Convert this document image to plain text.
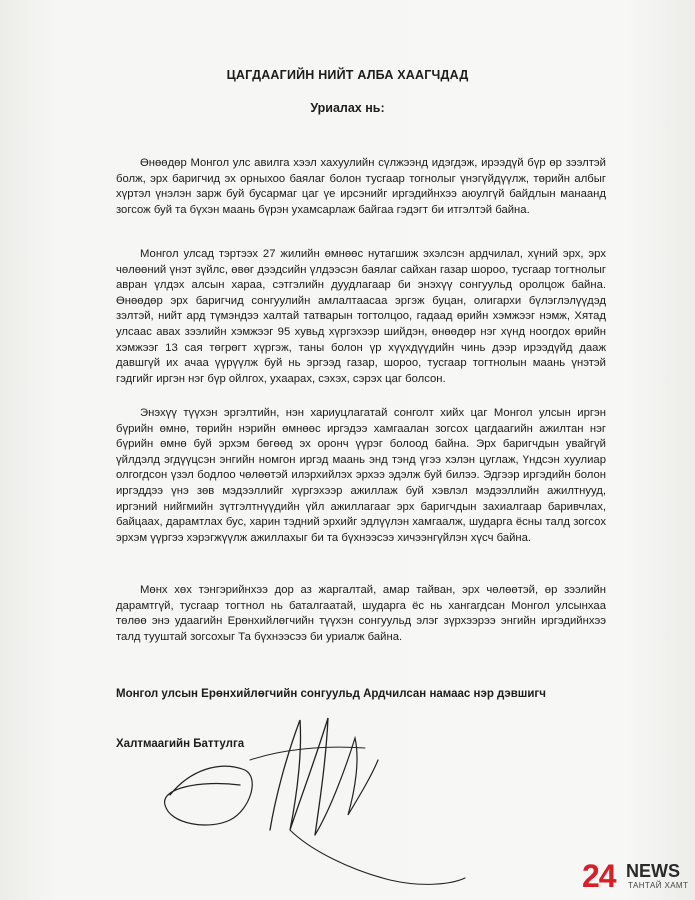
ЦАГДААГИЙН НИЙТ АЛБА ХААГЧДАД
Уриалах нь:

Өнөөдөр Монгол улс авилга хээл хахуулийн сүлжээнд идэгдэж, ирээдүй бүр өр зээлтэй болж, эрх баригчид эх орныхоо баялаг болон тусгаар тогнолыг үнэгүйдүүлж, төрийн албыг хүртэл үнэлэн зарж буй бусармаг цаг үе ирсэнийг иргэдийнхээ аюулгүй байдлын манаанд зогсож буй та бүхэн маань бүрэн ухамсарлаж байгаа гэдэгт би итгэлтэй байна.

Монгол улсад тэртээх 27 жилийн өмнөөс нутагшиж эхэлсэн ардчилал, хүний эрх, эрх чөлөөний үнэт зүйлс, өвөг дээдсийн үлдээсэн баялаг сайхан газар шороо, тусгаар тогтнолыг авран үлдэх алсын хараа, сэтгэлийн дуудлагаар би энэхүү сонгуульд оролцож байна. Өнөөдөр эрх баригчид сонгуулийн амлалтаасаа эргэж буцан, олигархи бүлэглэлүүдэд зэлтэй, нийт ард түмэндээ халтай татварын тогтолцоо, гадаад өрийн хэмжээг нэмж, Хятад улсаас авах зээлийн хэмжээг 95 хувьд хүргэхээр шийдэн, өнөөдөр нэг хүнд ноогдох өрийн хэмжээг 13 сая төгрөгт хүргэж, таны болон үр хүүхдүүдийн чинь дээр ирээдүйд дааж давшгүй их ачаа үүрүүлж буй нь эргээд газар, шороо, тусгаар тогтнолын маань үнэтэй гэдгийг иргэн нэг бүр ойлгох, ухаарах, сэхэх, сэрэх цаг болсон.

Энэхүү түүхэн эргэлтийн, нэн хариуцлагатай сонголт хийх цаг Монгол улсын иргэн бүрийн өмнө, төрийн нэрийн өмнөөс иргэдээ хамгаалан зогсох цагдаагийн ажилтан нэг бүрийн өмнө буй эрхэм бөгөөд эх оронч үүрэг болоод байна. Эрх баригчдын увайгүй үйлдэлд эгдүүцсэн энгийн номгон иргэд маань энд тэнд үгээ хэлэн цуглаж, Үндсэн хуулиар олгогдсон үзэл бодлоо чөлөөтэй илэрхийлэх эрхээ эдэлж буй билээ. Эдгээр иргэдийн болон иргэддээ үнэ зөв мэдээллийг хүргэхээр ажиллаж буй хэвлэл мэдээллийн ажилтнууд, иргэний нийгмийн зүтгэлтнүүдийн үйл ажиллагааг эрх баригчдын захиалгаар баривчлах, байцаах, дарамтлах бус, харин тэдний эрхийг эдлүүлэн хамгаалж, шударга ёсны талд зогсох эрхэм үүргээ хэрэгжүүлж ажиллахыг би та бүхнээсээ хичээнгүйлэн хүсч байна.

Мөнх хөх тэнгэрийнхээ дор аз жаргалтай, амар тайван, эрх чөлөөтэй, өр зээлийн дарамтгүй, тусгаар тогтнол нь баталгаатай, шударга ёс нь хангагдсан Монгол улсынхаа төлөө энэ удаагийн Ерөнхийлөгчийн түүхэн сонгуульд элэг зүрхээрээ энгийн иргэдийнхээ талд тууштай зогсохыг Та бүхнээсээ би уриалж байна.

Монгол улсын Ерөнхийлөгчийн сонгуульд Ардчилсан намаас нэр дэвшигч
Халтмаагийн Баттулга
24 NEWS
ТАНТАЙ ХАМТ
